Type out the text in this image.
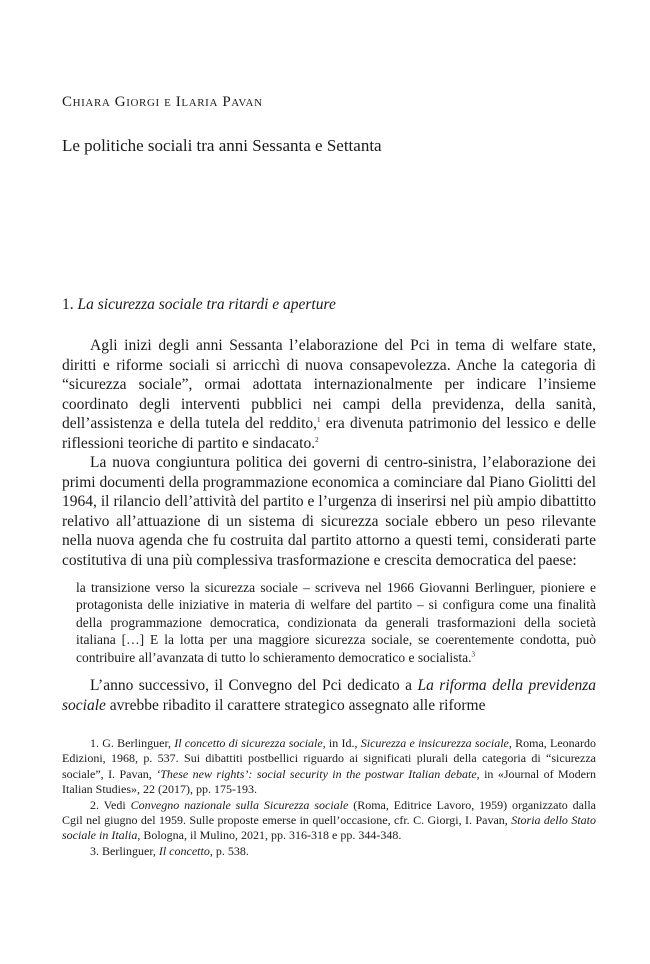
Chiara Giorgi e Ilaria Pavan
Le politiche sociali tra anni Sessanta e Settanta
1. La sicurezza sociale tra ritardi e aperture

Agli inizi degli anni Sessanta l’elaborazione del Pci in tema di welfare state, diritti e riforme sociali si arricchì di nuova consapevolezza. Anche la categoria di “sicurezza sociale”, ormai adottata internazionalmente per indicare l’insieme coordinato degli interventi pubblici nei campi della previdenza, della sanità, dell’assistenza e della tutela del reddito,$^1$ era divenuta patrimonio del lessico e delle riflessioni teoriche di partito e sindacato.$^2$

La nuova congiuntura politica dei governi di centro-sinistra, l’elaborazione dei primi documenti della programmazione economica a cominciare dal Piano Giolitti del 1964, il rilancio dell’attività del partito e l’urgenza di inserirsi nel più ampio dibattitto relativo all’attuazione di un sistema di sicurezza sociale ebbero un peso rilevante nella nuova agenda che fu costruita dal partito attorno a questi temi, considerati parte costitutiva di una più complessiva trasformazione e crescita democratica del paese:

la transizione verso la sicurezza sociale – scriveva nel 1966 Giovanni Berlinguer, pioniere e protagonista delle iniziative in materia di welfare del partito – si configura come una finalità della programmazione democratica, condizionata da generali trasformazioni della società italiana […] E la lotta per una maggiore sicurezza sociale, se coerentemente condotta, può contribuire all’avanzata di tutto lo schieramento democratico e socialista.$^3$

L’anno successivo, il Convegno del Pci dedicato a La riforma della previdenza sociale avrebbe ribadito il carattere strategico assegnato alle riforme

1. G. Berlinguer, Il concetto di sicurezza sociale, in Id., Sicurezza e insicurezza sociale, Roma, Leonardo Edizioni, 1968, p. 537. Sui dibattiti postbellici riguardo ai significati plurali della categoria di “sicurezza sociale”, I. Pavan, ‘These new rights’: social security in the postwar Italian debate, in «Journal of Modern Italian Studies», 22 (2017), pp. 175-193.

2. Vedi Convegno nazionale sulla Sicurezza sociale (Roma, Editrice Lavoro, 1959) organizzato dalla Cgil nel giugno del 1959. Sulle proposte emerse in quell’occasione, cfr. C. Giorgi, I. Pavan, Storia dello Stato sociale in Italia, Bologna, il Mulino, 2021, pp. 316-318 e pp. 344-348.

3. Berlinguer, Il concetto, p. 538.
